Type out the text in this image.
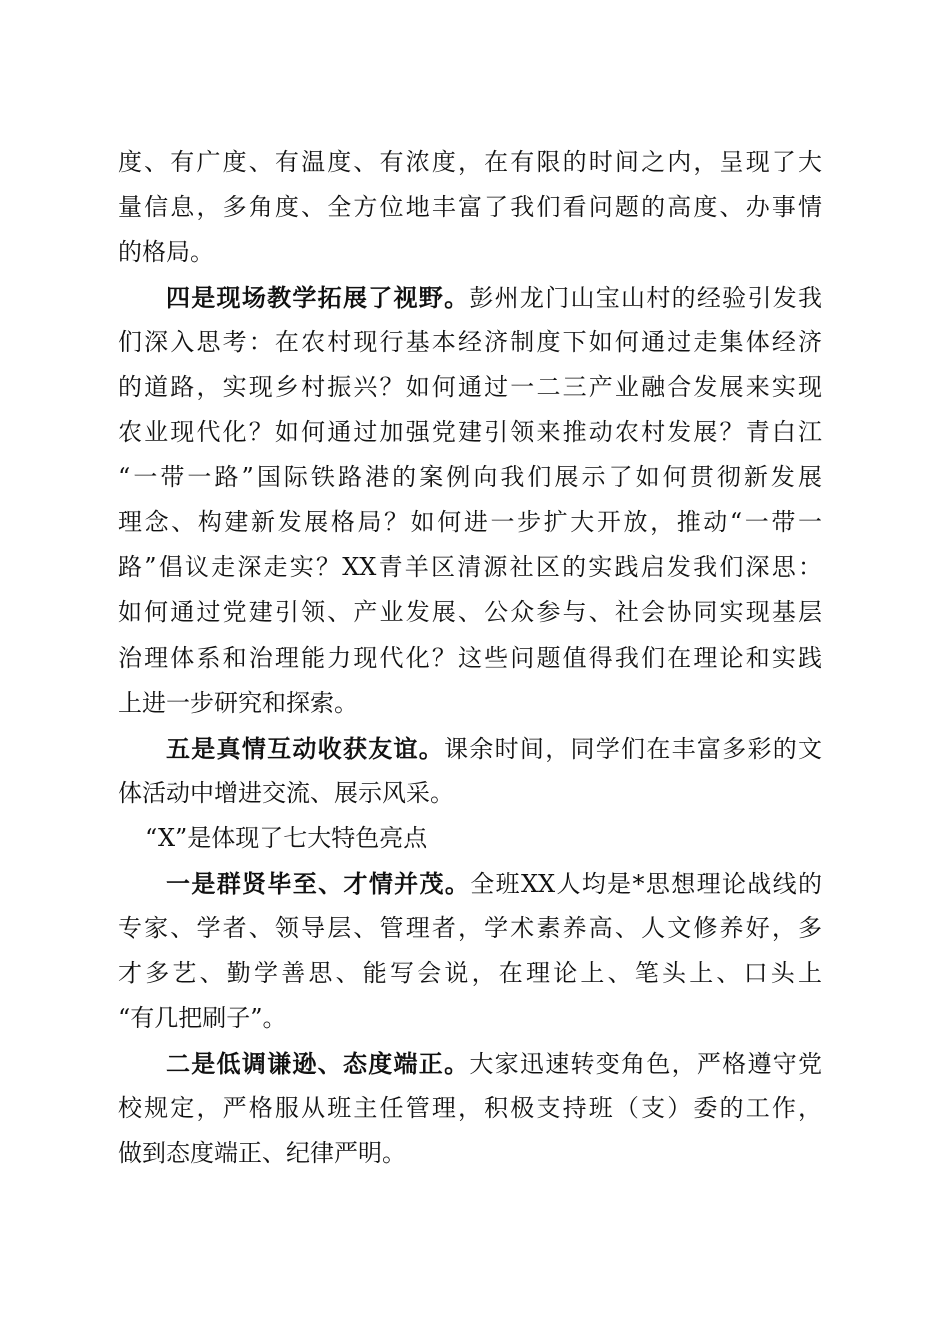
度、有广度、有温度、有浓度，在有限的时间之内，呈现了大
量信息，多角度、全方位地丰富了我们看问题的高度、办事情
的格局。
四是现场教学拓展了视野。彭州龙门山宝山村的经验引发我
们深入思考：在农村现行基本经济制度下如何通过走集体经济
的道路，实现乡村振兴？如何通过一二三产业融合发展来实现
农业现代化？如何通过加强党建引领来推动农村发展？青白江
“一带一路”国际铁路港的案例向我们展示了如何贯彻新发展
理念、构建新发展格局？如何进一步扩大开放，推动“一带一
路”倡议走深走实？XX青羊区清源社区的实践启发我们深思：
如何通过党建引领、产业发展、公众参与、社会协同实现基层
治理体系和治理能力现代化？这些问题值得我们在理论和实践
上进一步研究和探索。
五是真情互动收获友谊。课余时间，同学们在丰富多彩的文
体活动中增进交流、展示风采。
“X”是体现了七大特色亮点
一是群贤毕至、才情并茂。全班XX人均是*思想理论战线的
专家、学者、领导层、管理者，学术素养高、人文修养好，多
才多艺、勤学善思、能写会说，在理论上、笔头上、口头上
“有几把刷子”。
二是低调谦逊、态度端正。大家迅速转变角色，严格遵守党
校规定，严格服从班主任管理，积极支持班（支）委的工作，
做到态度端正、纪律严明。
